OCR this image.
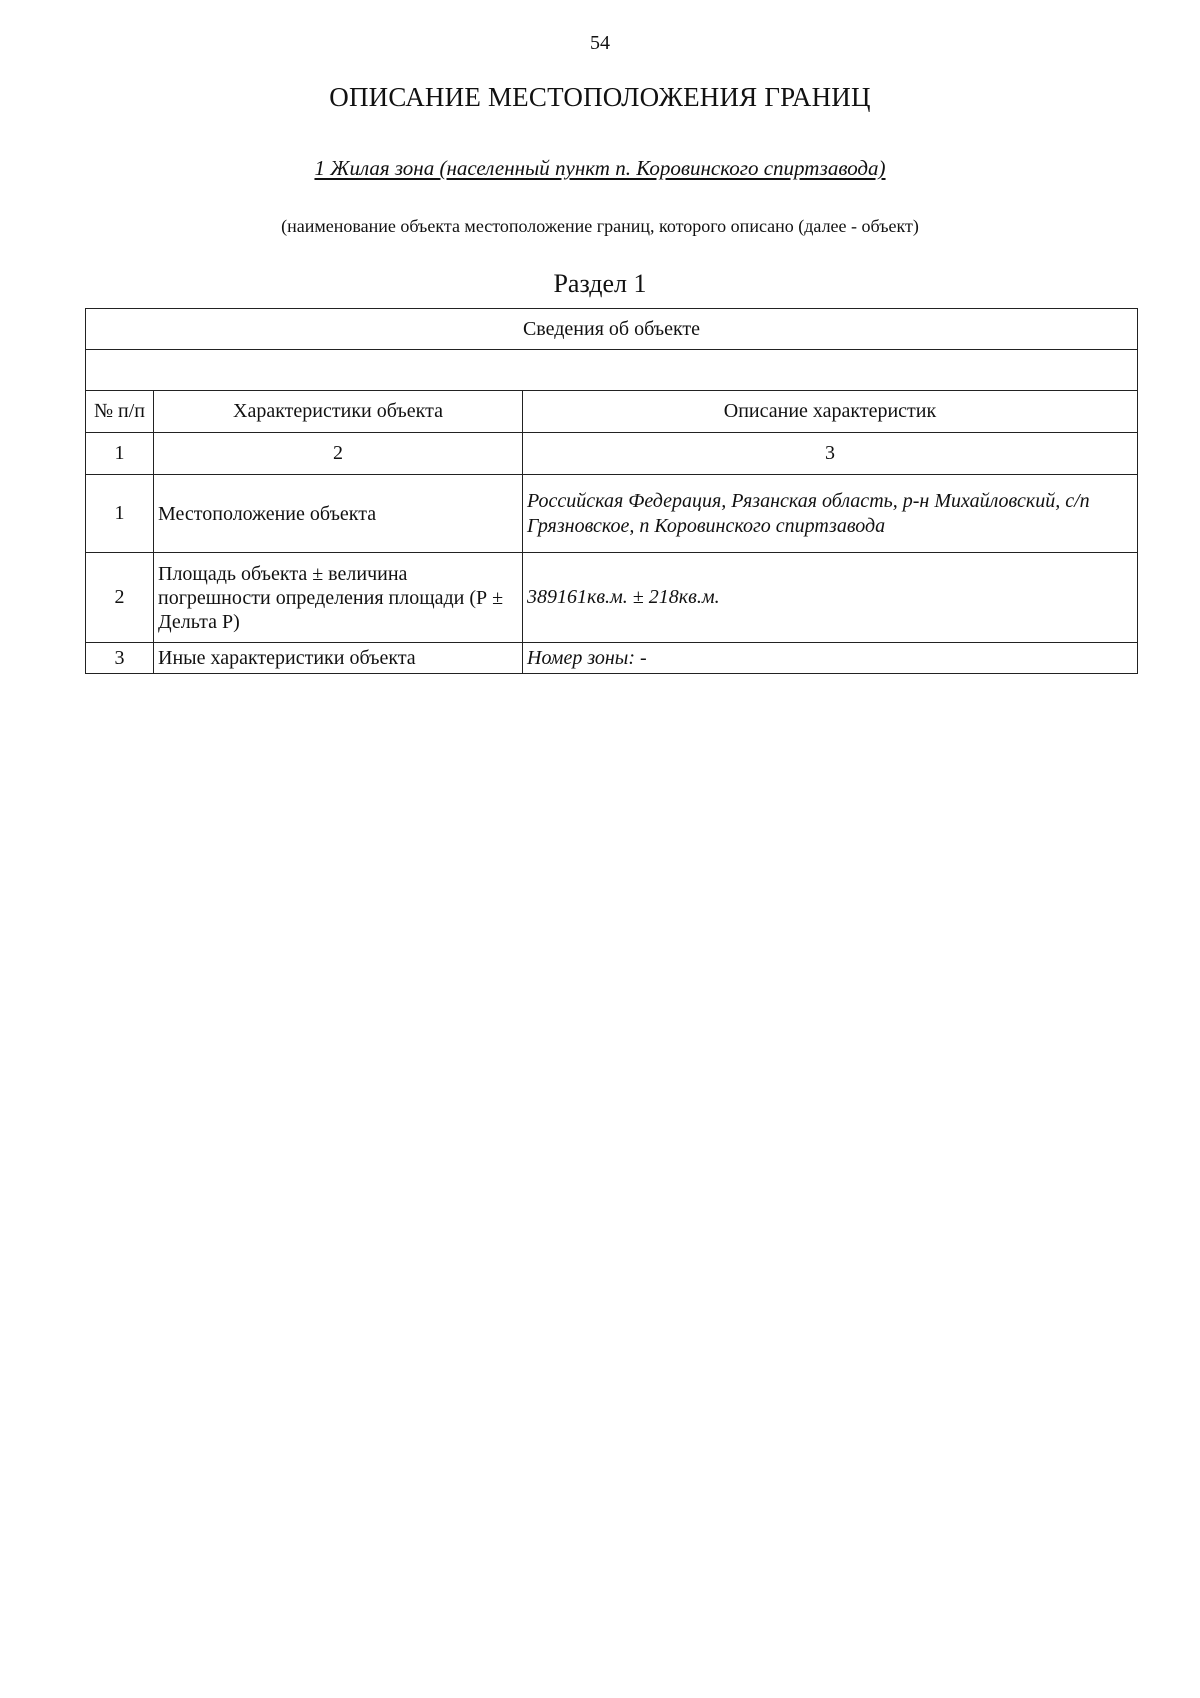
54
ОПИСАНИЕ МЕСТОПОЛОЖЕНИЯ ГРАНИЦ
1 Жилая зона (населенный пункт п. Коровинского спиртзавода)
(наименование объекта местоположение границ, которого описано (далее - объект)
Раздел 1
Сведения об объекте		

№ п/п	Характеристики объекта	Описание характеристик
1	2	3
1	Местоположение объекта	Российская Федерация, Рязанская область, р-н Михайловский, с/п Грязновское, п Коровинского спиртзавода
2	Площадь объекта ± величина погрешности определения площади (Р ± Дельта Р)	389161кв.м. ± 218кв.м.
3	Иные характеристики объекта	Номер зоны: -
